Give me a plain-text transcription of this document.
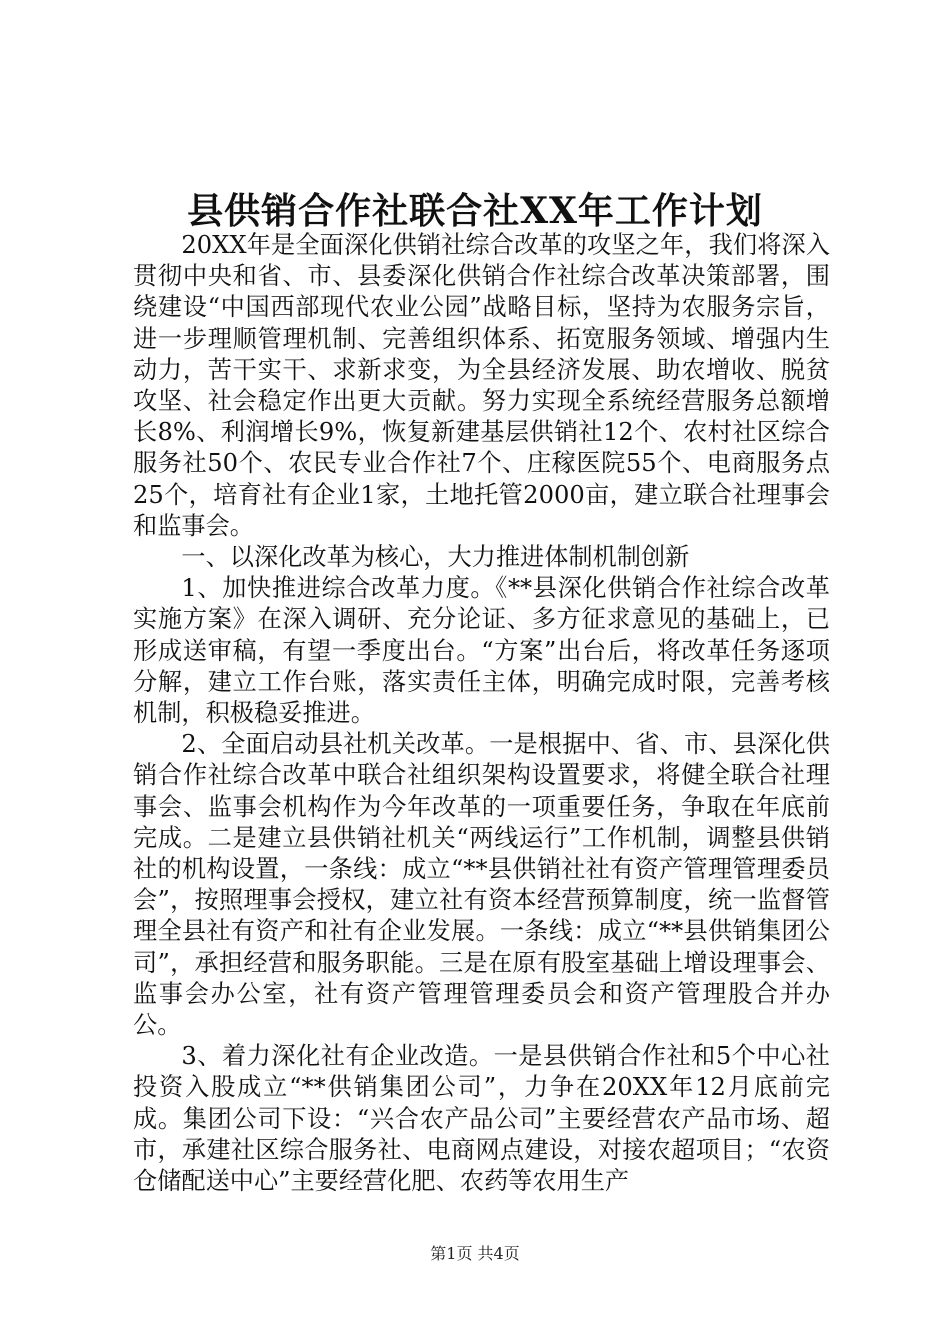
县供销合作社联合社XX年工作计划

20XX年是全面深化供销社综合改革的攻坚之年，我们将深入贯彻中央和省、市、县委深化供销合作社综合改革决策部署，围绕建设“中国西部现代农业公园”战略目标，坚持为农服务宗旨，进一步理顺管理机制、完善组织体系、拓宽服务领域、增强内生动力，苦干实干、求新求变，为全县经济发展、助农增收、脱贫攻坚、社会稳定作出更大贡献。努力实现全系统经营服务总额增长8%、利润增长9%，恢复新建基层供销社12个、农村社区综合服务社50个、农民专业合作社7个、庄稼医院55个、电商服务点25个，培育社有企业1家，土地托管2000亩，建立联合社理事会和监事会。

一、以深化改革为核心，大力推进体制机制创新

1、加快推进综合改革力度。《**县深化供销合作社综合改革实施方案》在深入调研、充分论证、多方征求意见的基础上，已形成送审稿，有望一季度出台。“方案”出台后，将改革任务逐项分解，建立工作台账，落实责任主体，明确完成时限，完善考核机制，积极稳妥推进。

2、全面启动县社机关改革。一是根据中、省、市、县深化供销合作社综合改革中联合社组织架构设置要求，将健全联合社理事会、监事会机构作为今年改革的一项重要任务，争取在年底前完成。二是建立县供销社机关“两线运行”工作机制，调整县供销社的机构设置，一条线：成立“**县供销社社有资产管理管理委员会”，按照理事会授权，建立社有资本经营预算制度，统一监督管理全县社有资产和社有企业发展。一条线：成立“**县供销集团公司”，承担经营和服务职能。三是在原有股室基础上增设理事会、监事会办公室，社有资产管理管理委员会和资产管理股合并办公。

3、着力深化社有企业改造。一是县供销合作社和5个中心社投资入股成立“**供销集团公司”，力争在20XX年12月底前完成。集团公司下设：“兴合农产品公司”主要经营农产品市场、超市，承建社区综合服务社、电商网点建设，对接农超项目；“农资仓储配送中心”主要经营化肥、农药等农用生产

第1页 共4页
